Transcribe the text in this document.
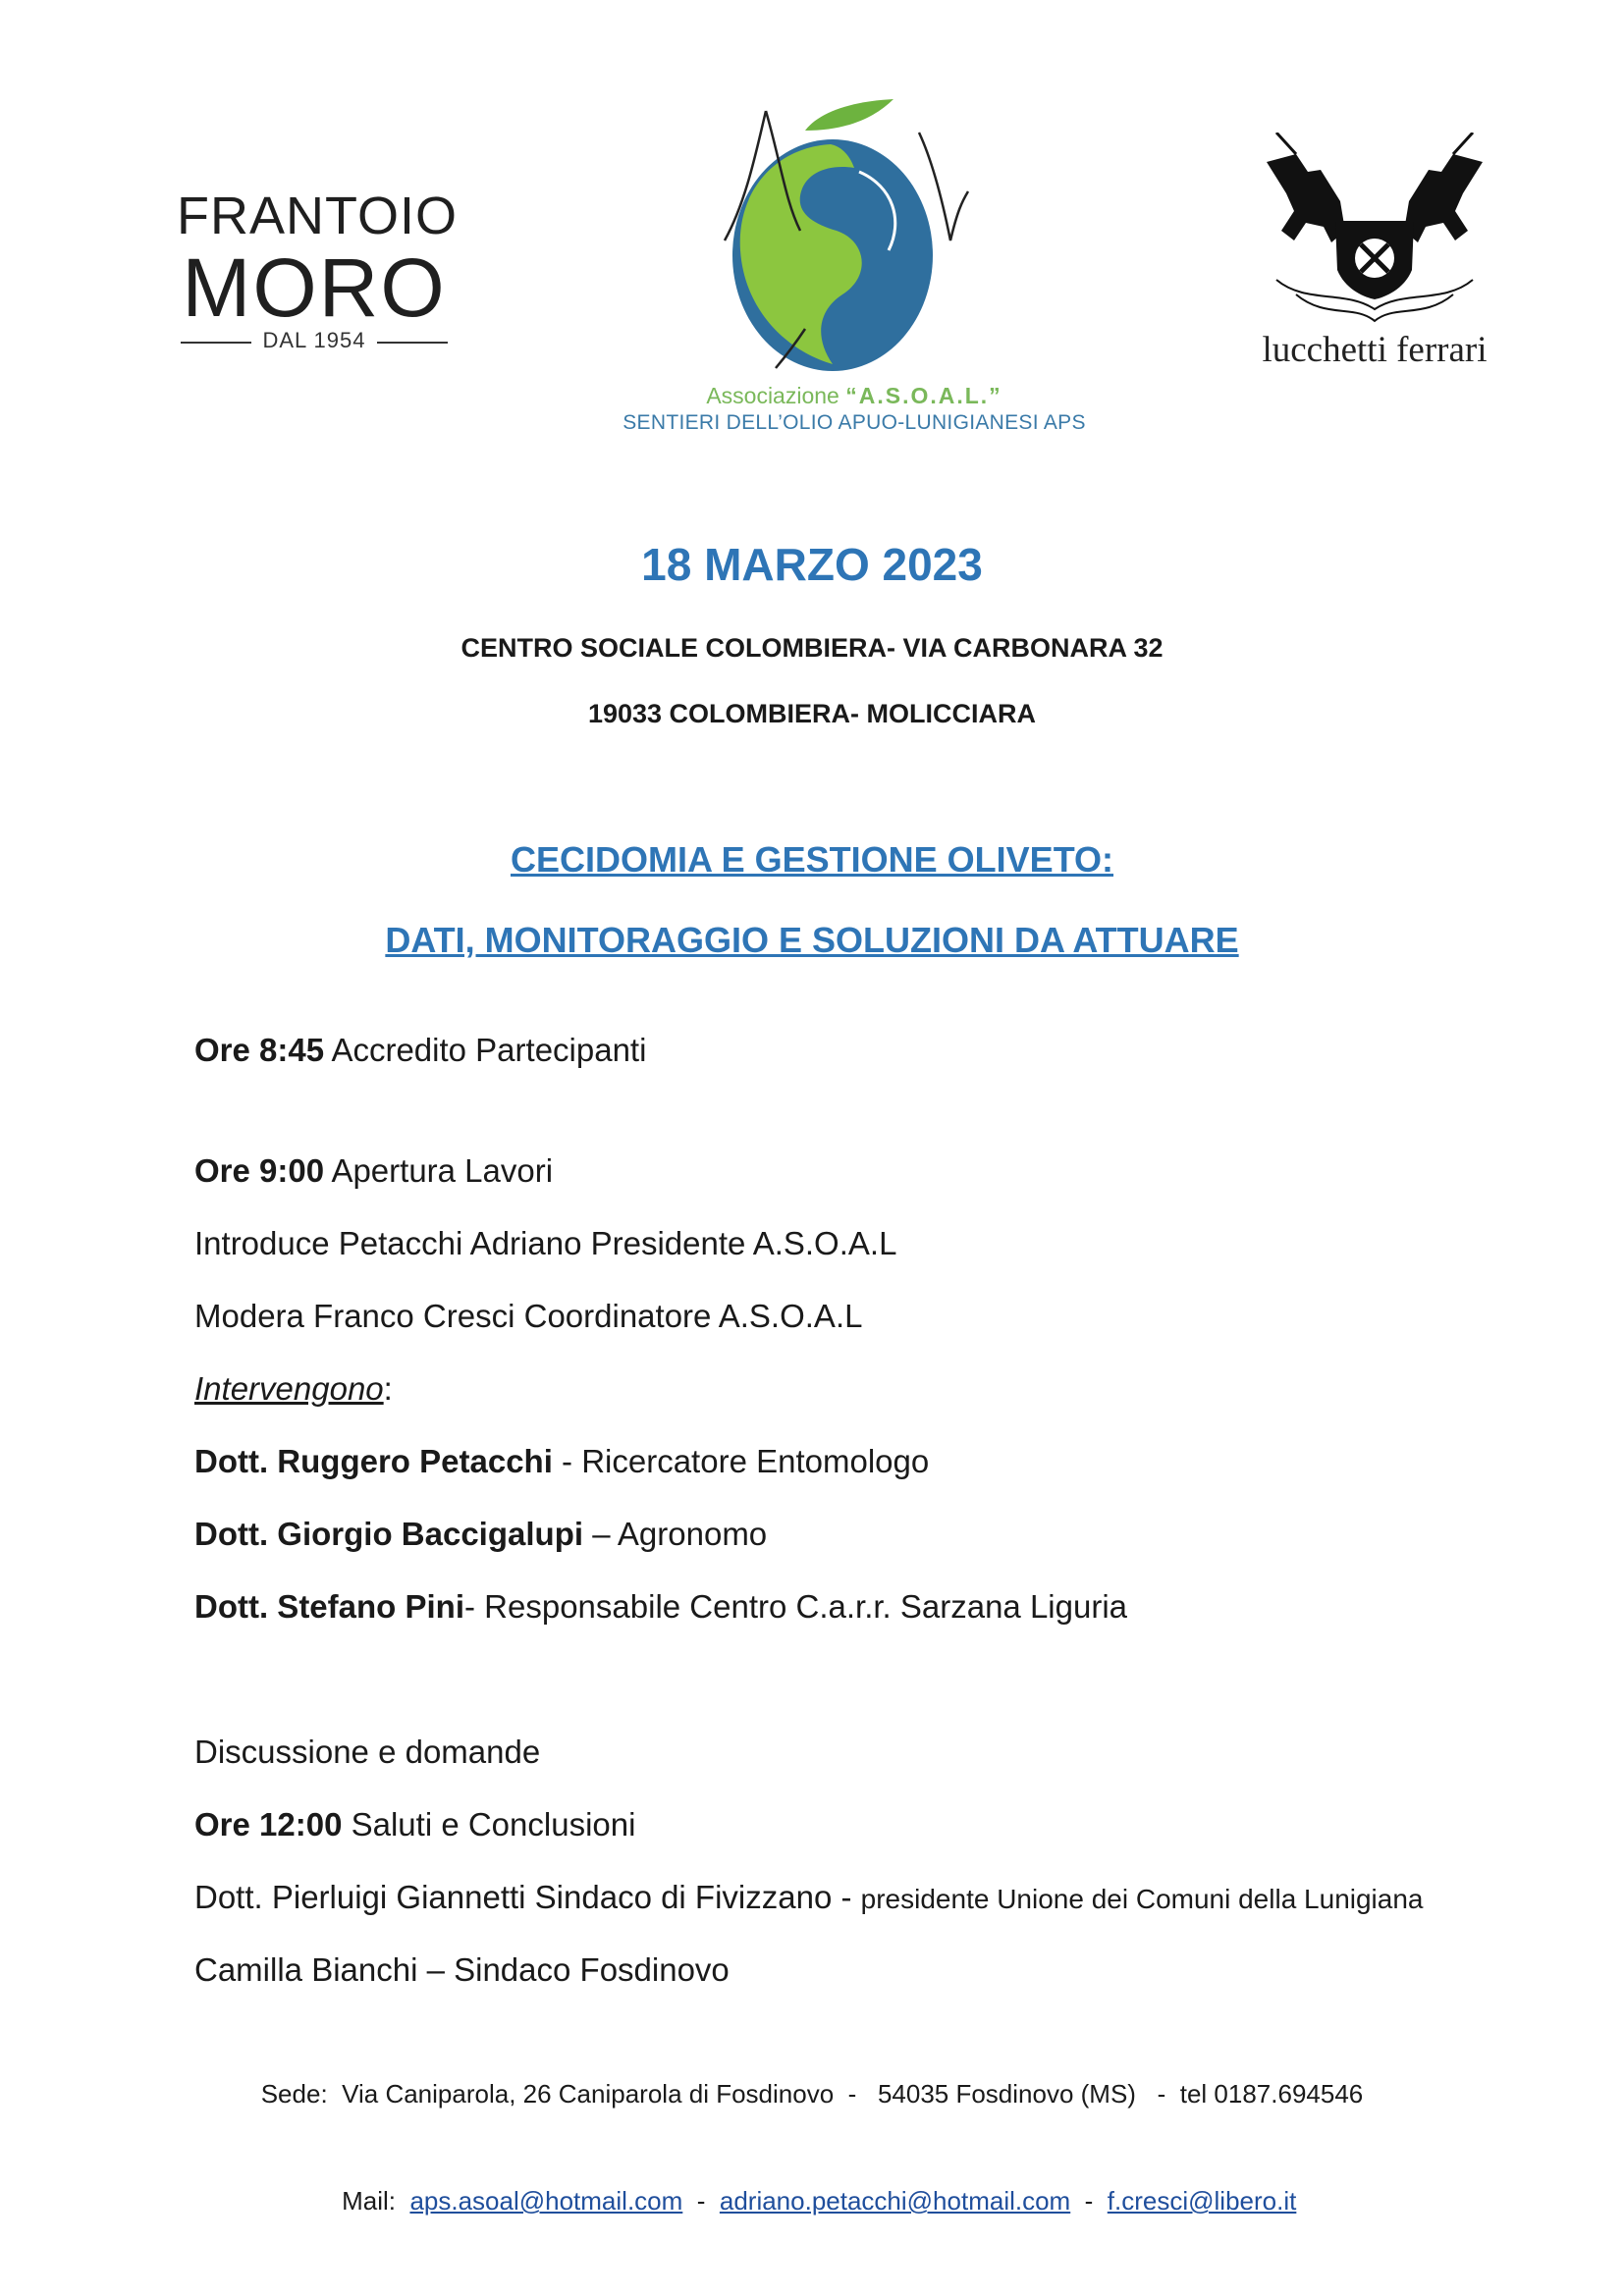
FRANTOIO
MORO
DAL 1954
Associazione “A.S.O.A.L.”
SENTIERI DELL’OLIO APUO-LUNIGIANESI APS
lucchetti ferrari
18 MARZO 2023
CENTRO SOCIALE COLOMBIERA- VIA CARBONARA 32
19033 COLOMBIERA- MOLICCIARA
CECIDOMIA E GESTIONE OLIVETO:
DATI, MONITORAGGIO E SOLUZIONI DA ATTUARE
Ore 8:45 Accredito Partecipanti
Ore 9:00 Apertura Lavori
Introduce Petacchi Adriano Presidente A.S.O.A.L
Modera Franco Cresci Coordinatore A.S.O.A.L
Intervengono:
Dott. Ruggero Petacchi - Ricercatore Entomologo
Dott. Giorgio Baccigalupi – Agronomo
Dott. Stefano Pini- Responsabile Centro C.a.r.r. Sarzana Liguria
Discussione e domande
Ore 12:00 Saluti e Conclusioni
Dott. Pierluigi Giannetti Sindaco di Fivizzano - presidente Unione dei Comuni della Lunigiana
Camilla Bianchi – Sindaco Fosdinovo
Sede:  Via Caniparola, 26 Caniparola di Fosdinovo  -   54035 Fosdinovo (MS)   -  tel 0187.694546

Mail:  aps.asoal@hotmail.com  -  adriano.petacchi@hotmail.com  -  f.cresci@libero.it
